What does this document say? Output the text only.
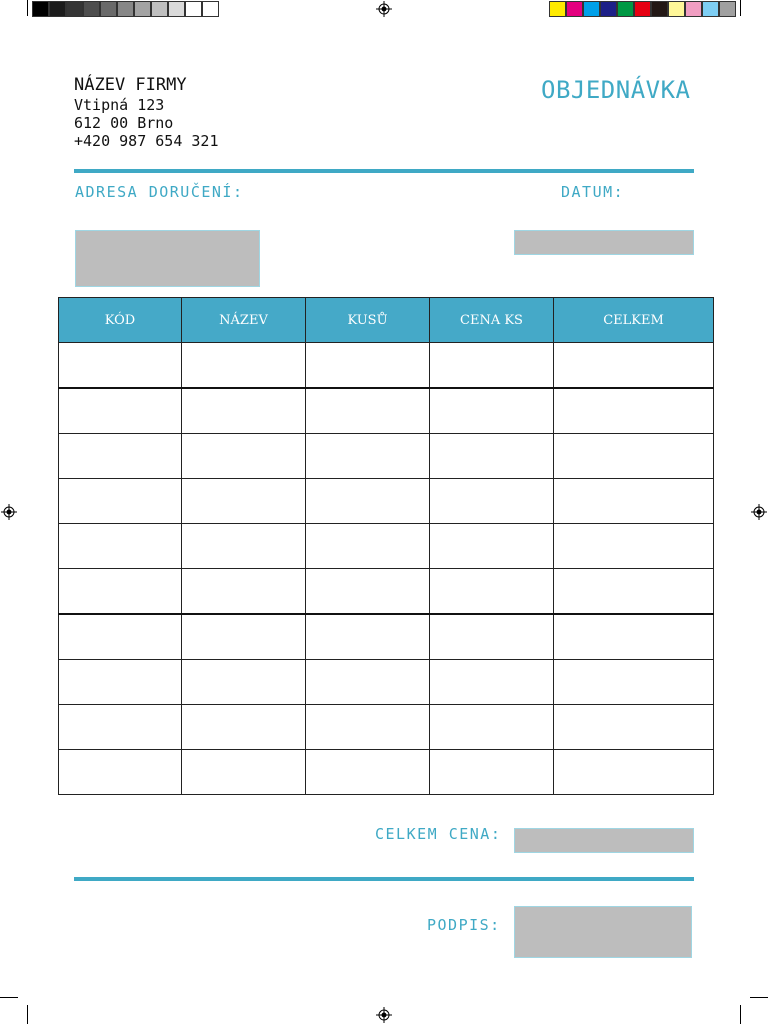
NÁZEV FIRMY
Vtipná 123
612 00 Brno
+420 987 654 321
OBJEDNÁVKA
ADRESA DORUČENÍ:	DATUM:
KÓD	NÁZEV	KUSŮ	CENA KS	CELKEM

CELKEM CENA:
PODPIS:
